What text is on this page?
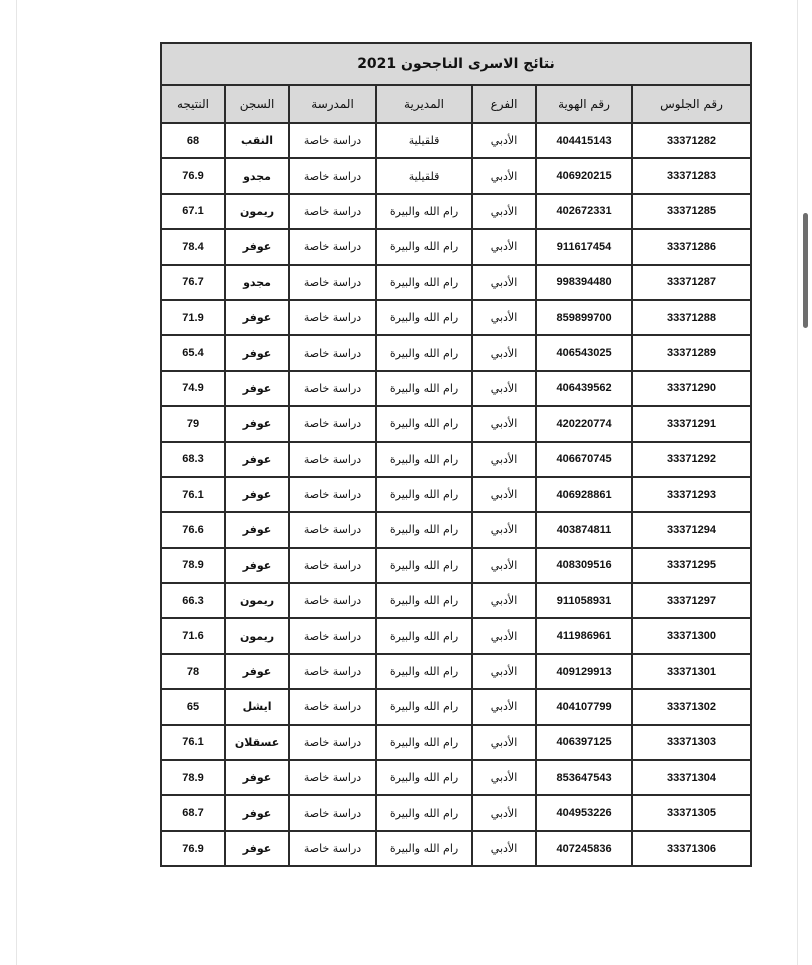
نتائج الاسرى الناجحون 2021						
رقم الجلوس	رقم الهوية	الفرع	المديرية	المدرسة	السجن	النتيجه
33371282	404415143	الأدبي	قلقيلية	دراسة خاصة	النقب	68
33371283	406920215	الأدبي	قلقيلية	دراسة خاصة	مجدو	76.9
33371285	402672331	الأدبي	رام الله والبيرة	دراسة خاصة	ريمون	67.1
33371286	911617454	الأدبي	رام الله والبيرة	دراسة خاصة	عوفر	78.4
33371287	998394480	الأدبي	رام الله والبيرة	دراسة خاصة	مجدو	76.7
33371288	859899700	الأدبي	رام الله والبيرة	دراسة خاصة	عوفر	71.9
33371289	406543025	الأدبي	رام الله والبيرة	دراسة خاصة	عوفر	65.4
33371290	406439562	الأدبي	رام الله والبيرة	دراسة خاصة	عوفر	74.9
33371291	420220774	الأدبي	رام الله والبيرة	دراسة خاصة	عوفر	79
33371292	406670745	الأدبي	رام الله والبيرة	دراسة خاصة	عوفر	68.3
33371293	406928861	الأدبي	رام الله والبيرة	دراسة خاصة	عوفر	76.1
33371294	403874811	الأدبي	رام الله والبيرة	دراسة خاصة	عوفر	76.6
33371295	408309516	الأدبي	رام الله والبيرة	دراسة خاصة	عوفر	78.9
33371297	911058931	الأدبي	رام الله والبيرة	دراسة خاصة	ريمون	66.3
33371300	411986961	الأدبي	رام الله والبيرة	دراسة خاصة	ريمون	71.6
33371301	409129913	الأدبي	رام الله والبيرة	دراسة خاصة	عوفر	78
33371302	404107799	الأدبي	رام الله والبيرة	دراسة خاصة	ايشل	65
33371303	406397125	الأدبي	رام الله والبيرة	دراسة خاصة	عسقلان	76.1
33371304	853647543	الأدبي	رام الله والبيرة	دراسة خاصة	عوفر	78.9
33371305	404953226	الأدبي	رام الله والبيرة	دراسة خاصة	عوفر	68.7
33371306	407245836	الأدبي	رام الله والبيرة	دراسة خاصة	عوفر	76.9
